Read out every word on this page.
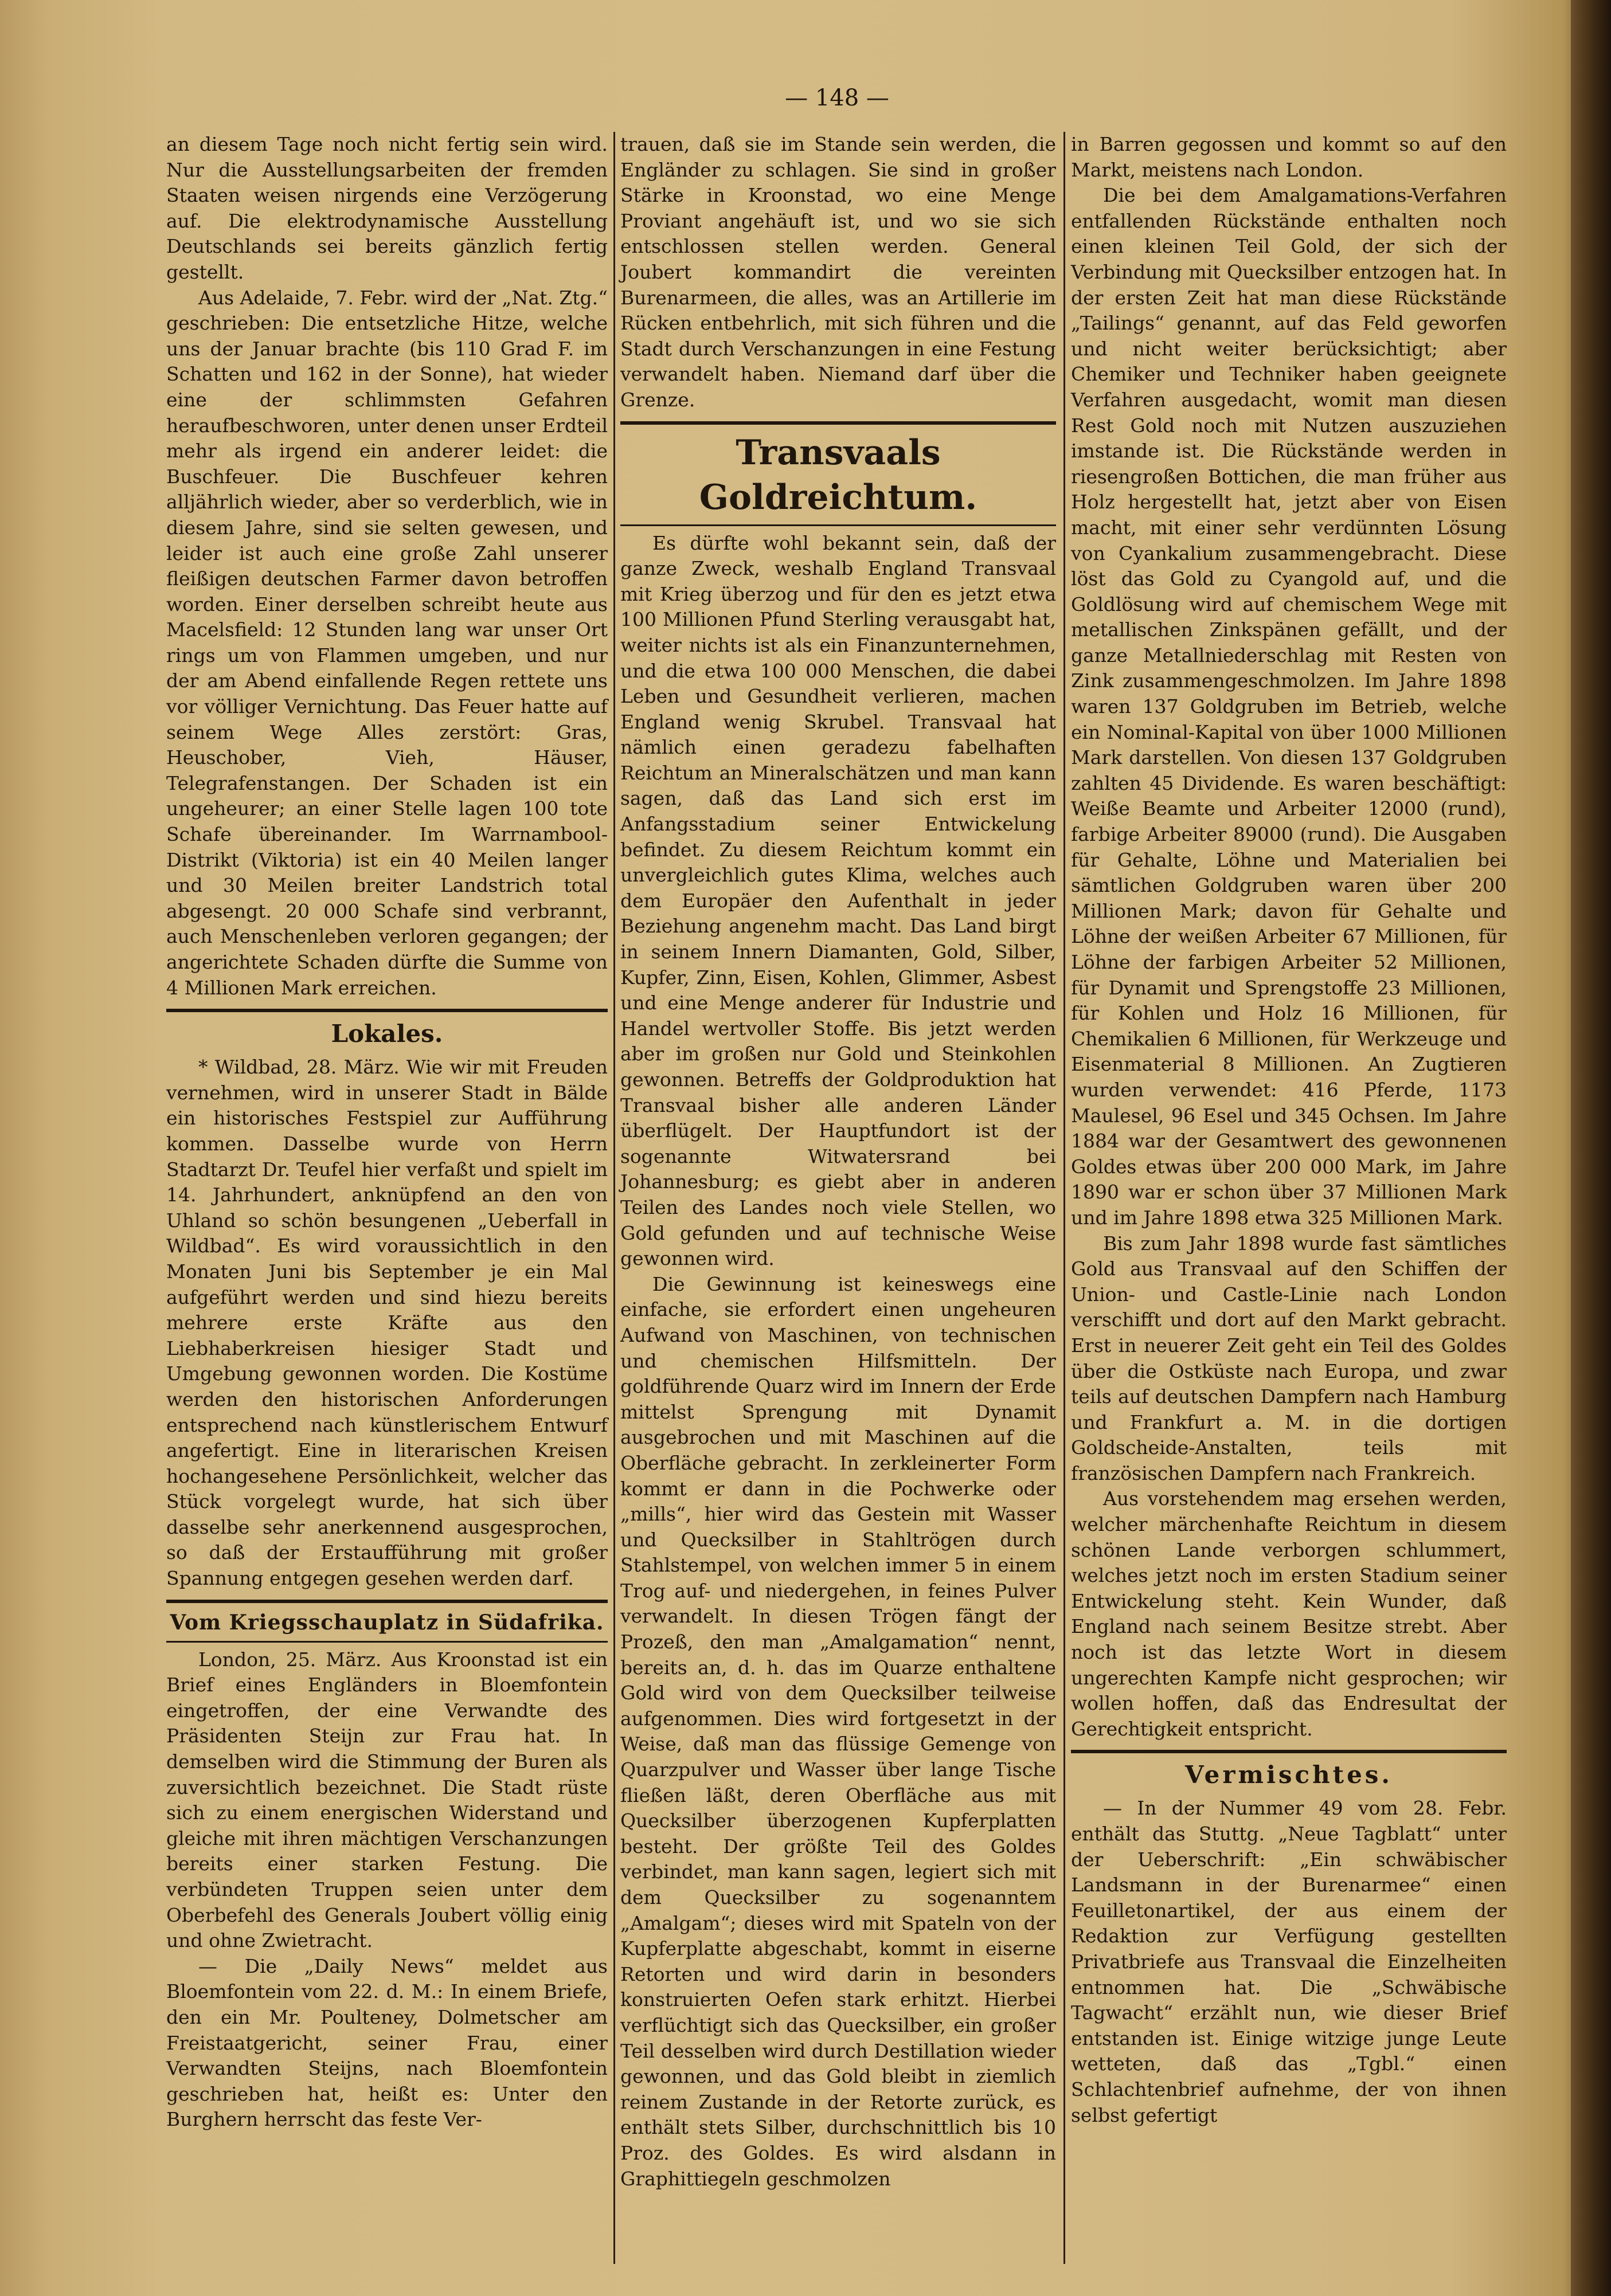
— 148 —

an diesem Tage noch nicht fertig sein wird. Nur die Ausstellungsarbeiten der fremden Staaten weisen nirgends eine Verzögerung auf. Die elektrodynamische Ausstellung Deutschlands sei bereits gänzlich fertig gestellt.

Aus Adelaide, 7. Febr. wird der „Nat. Ztg.“ geschrieben: Die entsetzliche Hitze, welche uns der Januar brachte (bis 110 Grad F. im Schatten und 162 in der Sonne), hat wieder eine der schlimmsten Gefahren heraufbeschworen, unter denen unser Erdteil mehr als irgend ein anderer leidet: die Buschfeuer. Die Buschfeuer kehren alljährlich wieder, aber so verderblich, wie in diesem Jahre, sind sie selten gewesen, und leider ist auch eine große Zahl unserer fleißigen deutschen Farmer davon betroffen worden. Einer derselben schreibt heute aus Macelsfield: 12 Stunden lang war unser Ort rings um von Flammen umgeben, und nur der am Abend einfallende Regen rettete uns vor völliger Vernichtung. Das Feuer hatte auf seinem Wege Alles zerstört: Gras, Heuschober, Vieh, Häuser, Telegrafenstangen. Der Schaden ist ein ungeheurer; an einer Stelle lagen 100 tote Schafe übereinander. Im Warrnambool-Distrikt (Viktoria) ist ein 40 Meilen langer und 30 Meilen breiter Landstrich total abgesengt. 20 000 Schafe sind verbrannt, auch Menschenleben verloren gegangen; der angerichtete Schaden dürfte die Summe von 4 Millionen Mark erreichen.

Lokales.

* Wildbad, 28. März. Wie wir mit Freuden vernehmen, wird in unserer Stadt in Bälde ein historisches Festspiel zur Aufführung kommen. Dasselbe wurde von Herrn Stadtarzt Dr. Teufel hier verfaßt und spielt im 14. Jahrhundert, anknüpfend an den von Uhland so schön besungenen „Ueberfall in Wildbad“. Es wird voraussichtlich in den Monaten Juni bis September je ein Mal aufgeführt werden und sind hiezu bereits mehrere erste Kräfte aus den Liebhaberkreisen hiesiger Stadt und Umgebung gewonnen worden. Die Kostüme werden den historischen Anforderungen entsprechend nach künstlerischem Entwurf angefertigt. Eine in literarischen Kreisen hochangesehene Persönlichkeit, welcher das Stück vorgelegt wurde, hat sich über dasselbe sehr anerkennend ausgesprochen, so daß der Erstaufführung mit großer Spannung entgegen gesehen werden darf.

Vom Kriegsschauplatz in Südafrika.

London, 25. März. Aus Kroonstad ist ein Brief eines Engländers in Bloemfontein eingetroffen, der eine Verwandte des Präsidenten Steijn zur Frau hat. In demselben wird die Stimmung der Buren als zuversichtlich bezeichnet. Die Stadt rüste sich zu einem energischen Widerstand und gleiche mit ihren mächtigen Verschanzungen bereits einer starken Festung. Die verbündeten Truppen seien unter dem Oberbefehl des Generals Joubert völlig einig und ohne Zwietracht.

— Die „Daily News“ meldet aus Bloemfontein vom 22. d. M.: In einem Briefe, den ein Mr. Poulteney, Dolmetscher am Freistaatgericht, seiner Frau, einer Verwandten Steijns, nach Bloemfontein geschrieben hat, heißt es: Unter den Burghern herrscht das feste Ver-

trauen, daß sie im Stande sein werden, die Engländer zu schlagen. Sie sind in großer Stärke in Kroonstad, wo eine Menge Proviant angehäuft ist, und wo sie sich entschlossen stellen werden. General Joubert kommandirt die vereinten Burenarmeen, die alles, was an Artillerie im Rücken entbehrlich, mit sich führen und die Stadt durch Verschanzungen in eine Festung verwandelt haben. Niemand darf über die Grenze.

Transvaals Goldreichtum.

Es dürfte wohl bekannt sein, daß der ganze Zweck, weshalb England Transvaal mit Krieg überzog und für den es jetzt etwa 100 Millionen Pfund Sterling verausgabt hat, weiter nichts ist als ein Finanzunternehmen, und die etwa 100 000 Menschen, die dabei Leben und Gesundheit verlieren, machen England wenig Skrubel. Transvaal hat nämlich einen geradezu fabelhaften Reichtum an Mineralschätzen und man kann sagen, daß das Land sich erst im Anfangsstadium seiner Entwickelung befindet. Zu diesem Reichtum kommt ein unvergleichlich gutes Klima, welches auch dem Europäer den Aufenthalt in jeder Beziehung angenehm macht. Das Land birgt in seinem Innern Diamanten, Gold, Silber, Kupfer, Zinn, Eisen, Kohlen, Glimmer, Asbest und eine Menge anderer für Industrie und Handel wertvoller Stoffe. Bis jetzt werden aber im großen nur Gold und Steinkohlen gewonnen. Betreffs der Goldproduktion hat Transvaal bisher alle anderen Länder überflügelt. Der Hauptfundort ist der sogenannte Witwatersrand bei Johannesburg; es giebt aber in anderen Teilen des Landes noch viele Stellen, wo Gold gefunden und auf technische Weise gewonnen wird.

Die Gewinnung ist keineswegs eine einfache, sie erfordert einen ungeheuren Aufwand von Maschinen, von technischen und chemischen Hilfsmitteln. Der goldführende Quarz wird im Innern der Erde mittelst Sprengung mit Dynamit ausgebrochen und mit Maschinen auf die Oberfläche gebracht. In zerkleinerter Form kommt er dann in die Pochwerke oder „mills“, hier wird das Gestein mit Wasser und Quecksilber in Stahltrögen durch Stahlstempel, von welchen immer 5 in einem Trog auf- und niedergehen, in feines Pulver verwandelt. In diesen Trögen fängt der Prozeß, den man „Amalgamation“ nennt, bereits an, d. h. das im Quarze enthaltene Gold wird von dem Quecksilber teilweise aufgenommen. Dies wird fortgesetzt in der Weise, daß man das flüssige Gemenge von Quarzpulver und Wasser über lange Tische fließen läßt, deren Oberfläche aus mit Quecksilber überzogenen Kupferplatten besteht. Der größte Teil des Goldes verbindet, man kann sagen, legiert sich mit dem Quecksilber zu sogenanntem „Amalgam“; dieses wird mit Spateln von der Kupferplatte abgeschabt, kommt in eiserne Retorten und wird darin in besonders konstruierten Oefen stark erhitzt. Hierbei verflüchtigt sich das Quecksilber, ein großer Teil desselben wird durch Destillation wieder gewonnen, und das Gold bleibt in ziemlich reinem Zustande in der Retorte zurück, es enthält stets Silber, durchschnittlich bis 10 Proz. des Goldes. Es wird alsdann in Graphittiegeln geschmolzen

in Barren gegossen und kommt so auf den Markt, meistens nach London.

Die bei dem Amalgamations-Verfahren entfallenden Rückstände enthalten noch einen kleinen Teil Gold, der sich der Verbindung mit Quecksilber entzogen hat. In der ersten Zeit hat man diese Rückstände „Tailings“ genannt, auf das Feld geworfen und nicht weiter berücksichtigt; aber Chemiker und Techniker haben geeignete Verfahren ausgedacht, womit man diesen Rest Gold noch mit Nutzen auszuziehen imstande ist. Die Rückstände werden in riesengroßen Bottichen, die man früher aus Holz hergestellt hat, jetzt aber von Eisen macht, mit einer sehr verdünnten Lösung von Cyankalium zusammengebracht. Diese löst das Gold zu Cyangold auf, und die Goldlösung wird auf chemischem Wege mit metallischen Zinkspänen gefällt, und der ganze Metallniederschlag mit Resten von Zink zusammengeschmolzen. Im Jahre 1898 waren 137 Goldgruben im Betrieb, welche ein Nominal-Kapital von über 1000 Millionen Mark darstellen. Von diesen 137 Goldgruben zahlten 45 Dividende. Es waren beschäftigt: Weiße Beamte und Arbeiter 12000 (rund), farbige Arbeiter 89000 (rund). Die Ausgaben für Gehalte, Löhne und Materialien bei sämtlichen Goldgruben waren über 200 Millionen Mark; davon für Gehalte und Löhne der weißen Arbeiter 67 Millionen, für Löhne der farbigen Arbeiter 52 Millionen, für Dynamit und Sprengstoffe 23 Millionen, für Kohlen und Holz 16 Millionen, für Chemikalien 6 Millionen, für Werkzeuge und Eisenmaterial 8 Millionen. An Zugtieren wurden verwendet: 416 Pferde, 1173 Maulesel, 96 Esel und 345 Ochsen. Im Jahre 1884 war der Gesamtwert des gewonnenen Goldes etwas über 200 000 Mark, im Jahre 1890 war er schon über 37 Millionen Mark und im Jahre 1898 etwa 325 Millionen Mark.

Bis zum Jahr 1898 wurde fast sämtliches Gold aus Transvaal auf den Schiffen der Union- und Castle-Linie nach London verschifft und dort auf den Markt gebracht. Erst in neuerer Zeit geht ein Teil des Goldes über die Ostküste nach Europa, und zwar teils auf deutschen Dampfern nach Hamburg und Frankfurt a. M. in die dortigen Goldscheide-Anstalten, teils mit französischen Dampfern nach Frankreich.

Aus vorstehendem mag ersehen werden, welcher märchenhafte Reichtum in diesem schönen Lande verborgen schlummert, welches jetzt noch im ersten Stadium seiner Entwickelung steht. Kein Wunder, daß England nach seinem Besitze strebt. Aber noch ist das letzte Wort in diesem ungerechten Kampfe nicht gesprochen; wir wollen hoffen, daß das Endresultat der Gerechtigkeit entspricht.

Vermischtes.

— In der Nummer 49 vom 28. Febr. enthält das Stuttg. „Neue Tagblatt“ unter der Ueberschrift: „Ein schwäbischer Landsmann in der Burenarmee“ einen Feuilletonartikel, der aus einem der Redaktion zur Verfügung gestellten Privatbriefe aus Transvaal die Einzelheiten entnommen hat. Die „Schwäbische Tagwacht“ erzählt nun, wie dieser Brief entstanden ist. Einige witzige junge Leute wetteten, daß das „Tgbl.“ einen Schlachtenbrief aufnehme, der von ihnen selbst gefertigt
